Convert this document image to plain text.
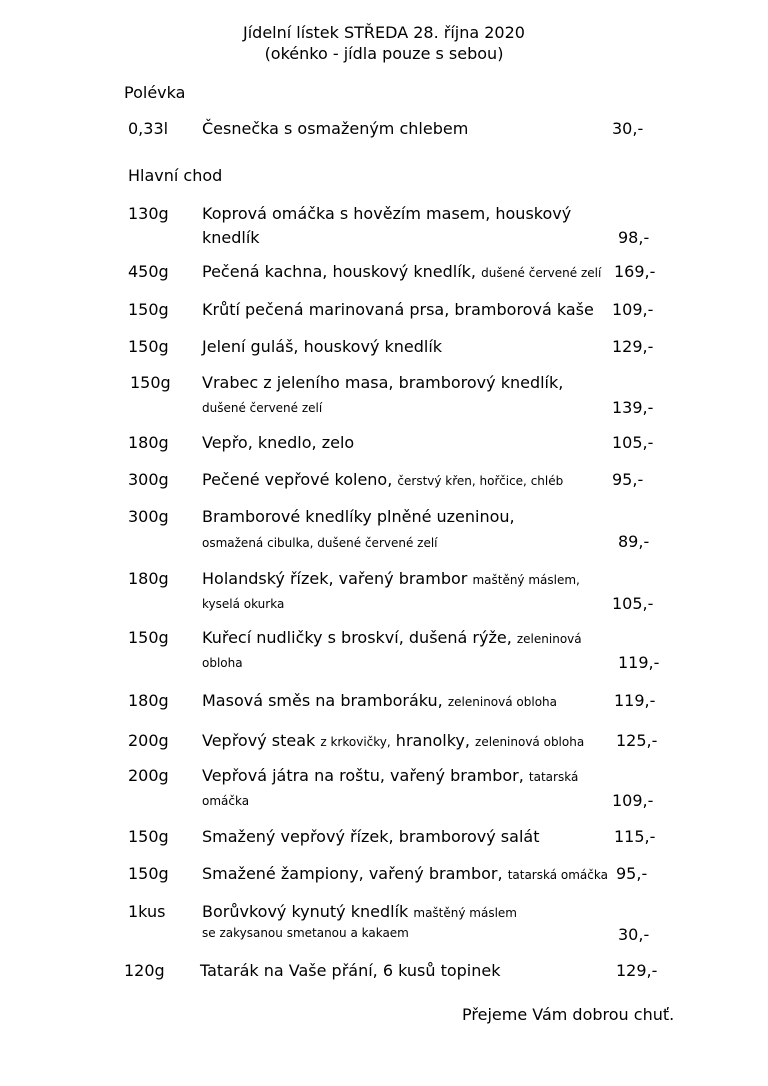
Jídelní lístek STŘEDA 28. října 2020
(okénko - jídla pouze s sebou)
Polévka
0,33l Česnečka s osmaženým chlebem	30,-
Hlavní chod
130g Koprová omáčka s hovězím masem, houskový
knedlík	98,-
450g Pečená kachna, houskový knedlík, dušené červené zelí 169,-
150g Krůtí pečená marinovaná prsa, bramborová kaše 109,-
150g Jelení guláš, houskový knedlík	129,-
150g Vrabec z jeleního masa, bramborový knedlík,
dušené červené zelí	139,-
180g Vepřo, knedlo, zelo	105,-
300g Pečené vepřové koleno, čerstvý křen, hořčice, chléb	95,-
300g Bramborové knedlíky plněné uzeninou,
osmažená cibulka, dušené červené zelí	89,-
180g Holandský řízek, vařený brambor maštěný máslem,
kyselá okurka	105,-
150g Kuřecí nudličky s broskví, dušená rýže, zeleninová
obloha	119,-
180g Masová směs na bramboráku, zeleninová obloha	119,-
200g Vepřový steak z krkovičky, hranolky, zeleninová obloha 125,-
200g Vepřová játra na roštu, vařený brambor, tatarská
omáčka	109,-
150g Smažený vepřový řízek, bramborový salát	115,-
150g Smažené žampiony, vařený brambor, tatarská omáčka 95,-
1kus Borůvkový kynutý knedlík maštěný máslem
se zakysanou smetanou a kakaem	30,-
120g Tatarák na Vaše přání, 6 kusů topinek	129,-
Přejeme Vám dobrou chuť.
